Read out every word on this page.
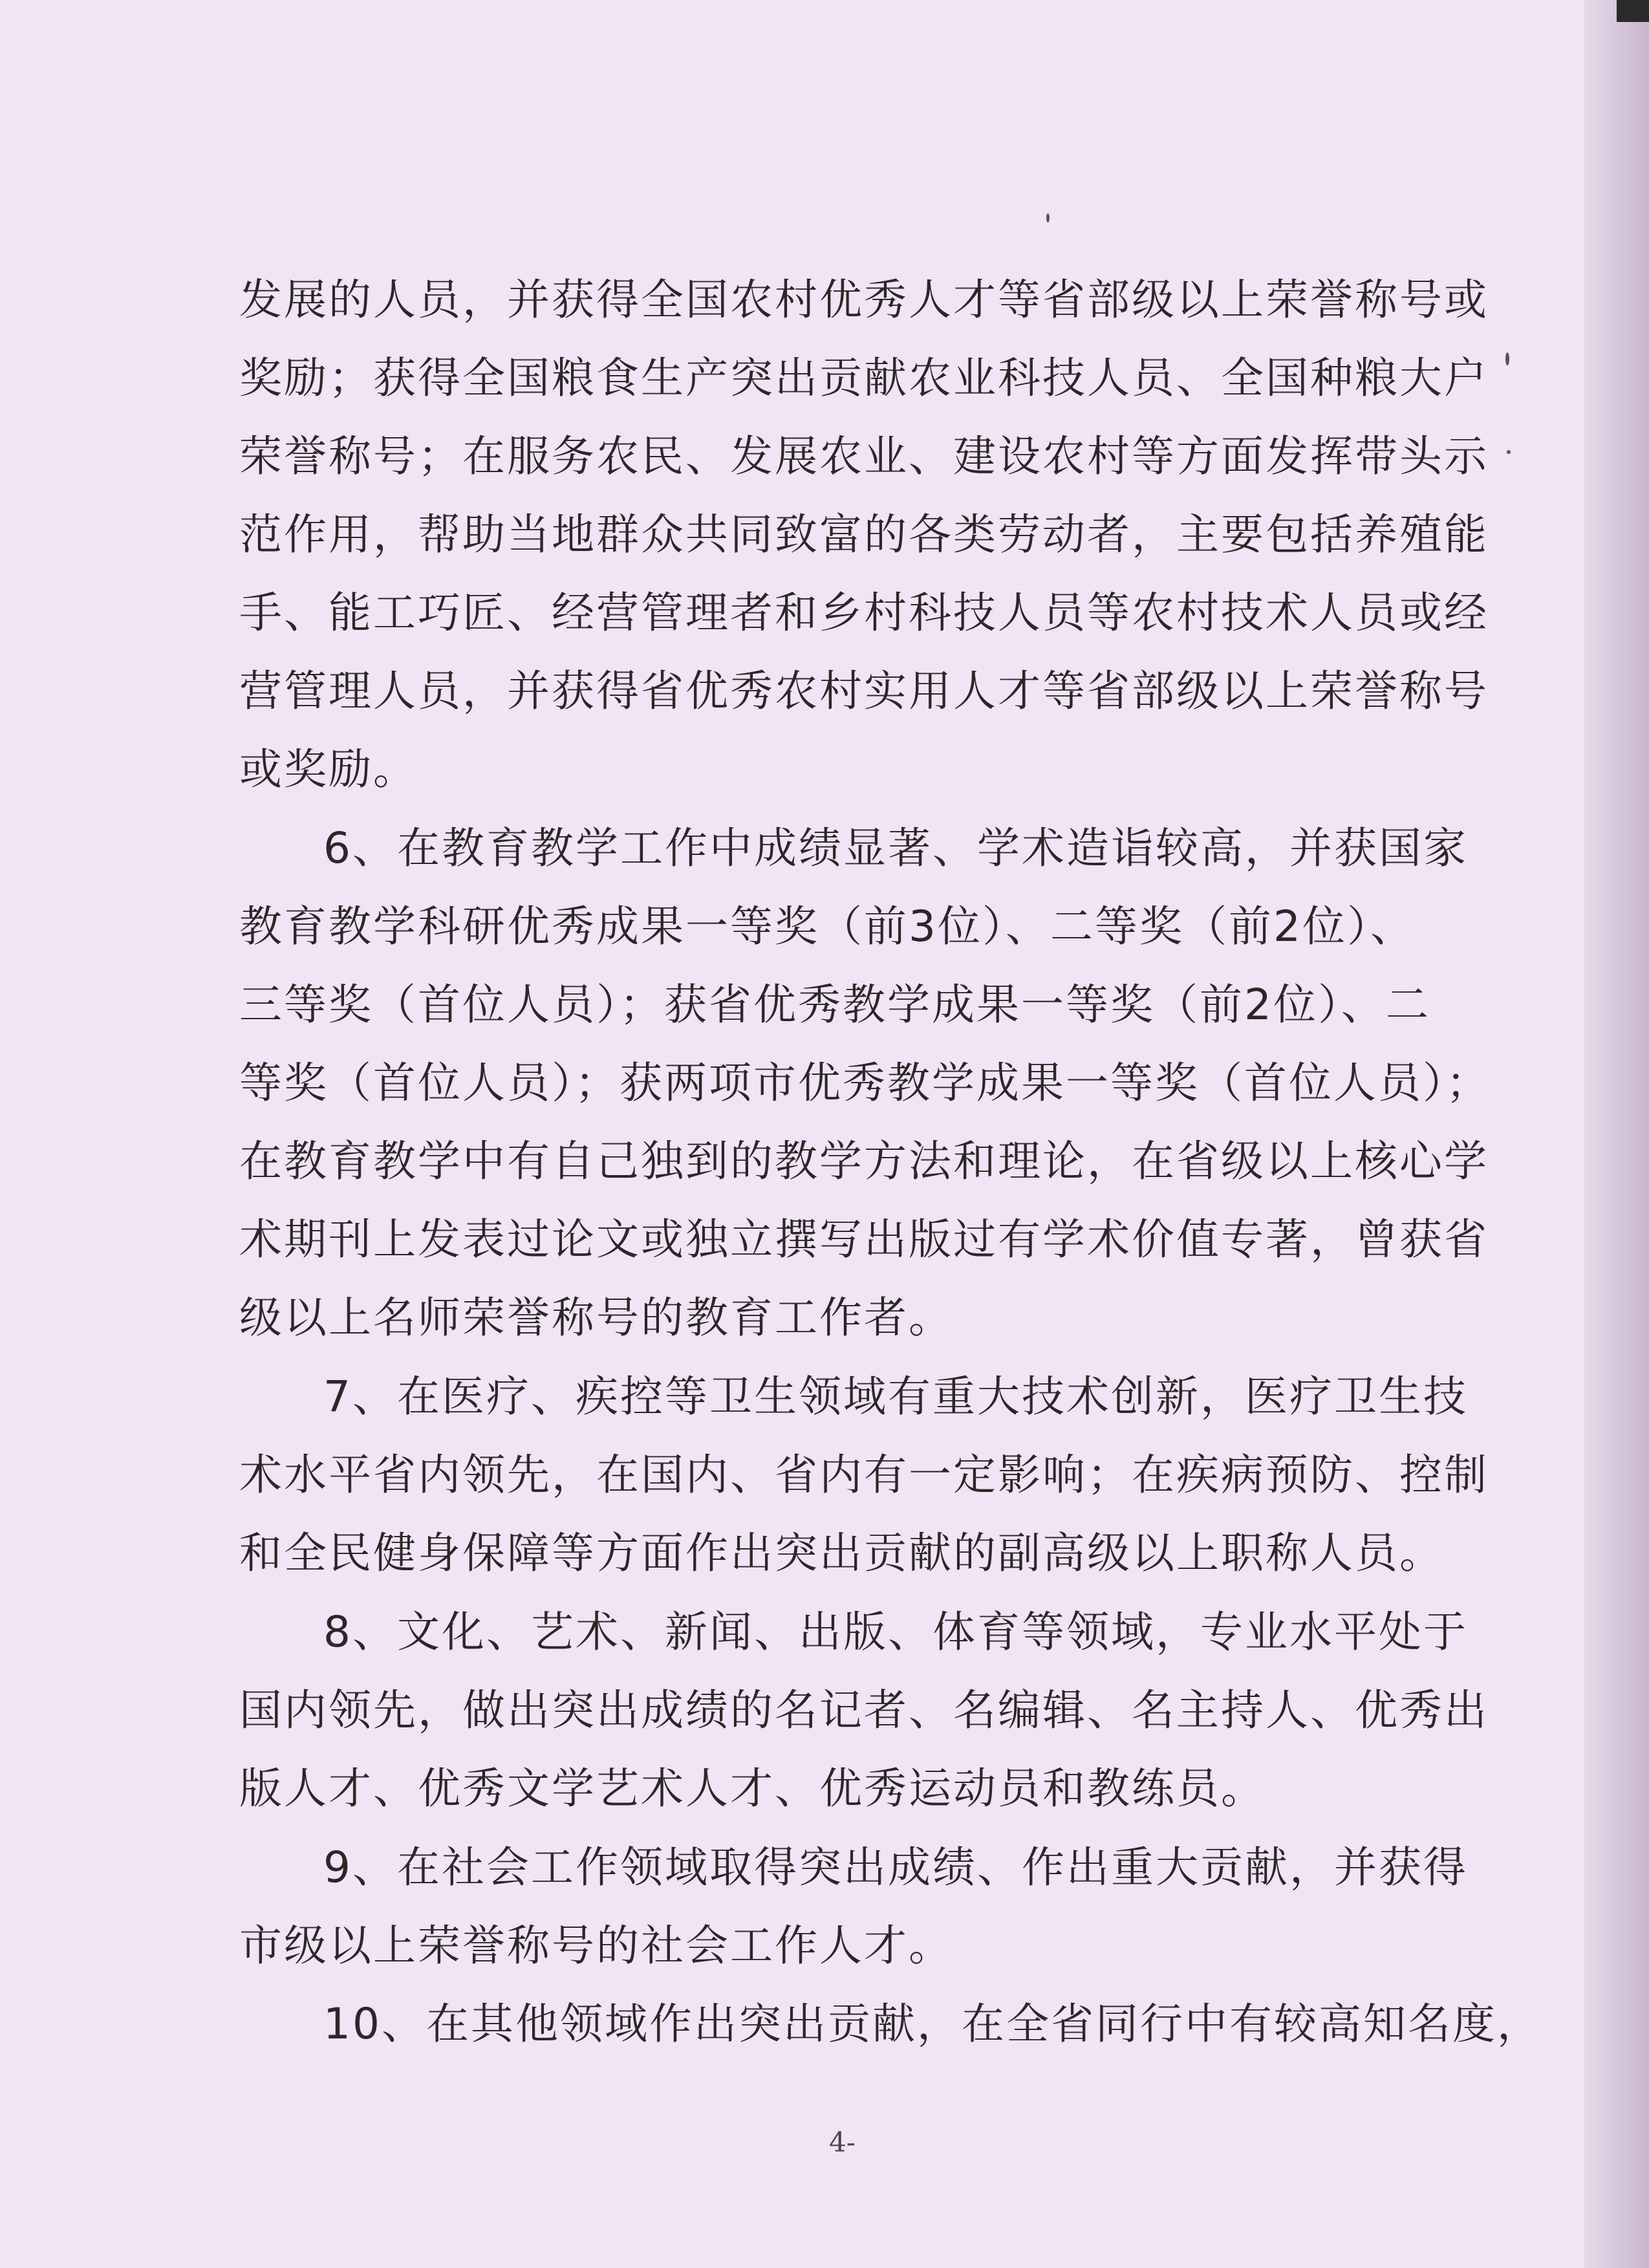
发展的人员，并获得全国农村优秀人才等省部级以上荣誉称号或
奖励；获得全国粮食生产突出贡献农业科技人员、全国种粮大户
荣誉称号；在服务农民、发展农业、建设农村等方面发挥带头示
范作用，帮助当地群众共同致富的各类劳动者，主要包括养殖能
手、能工巧匠、经营管理者和乡村科技人员等农村技术人员或经
营管理人员，并获得省优秀农村实用人才等省部级以上荣誉称号
或奖励。
6、在教育教学工作中成绩显著、学术造诣较高，并获国家
教育教学科研优秀成果一等奖（前3位）、二等奖（前2位）、
三等奖（首位人员）；获省优秀教学成果一等奖（前2位）、二
等奖（首位人员）；获两项市优秀教学成果一等奖（首位人员）；
在教育教学中有自己独到的教学方法和理论，在省级以上核心学
术期刊上发表过论文或独立撰写出版过有学术价值专著，曾获省
级以上名师荣誉称号的教育工作者。
7、在医疗、疾控等卫生领域有重大技术创新，医疗卫生技
术水平省内领先，在国内、省内有一定影响；在疾病预防、控制
和全民健身保障等方面作出突出贡献的副高级以上职称人员。
8、文化、艺术、新闻、出版、体育等领域，专业水平处于
国内领先，做出突出成绩的名记者、名编辑、名主持人、优秀出
版人才、优秀文学艺术人才、优秀运动员和教练员。
9、在社会工作领域取得突出成绩、作出重大贡献，并获得
市级以上荣誉称号的社会工作人才。
10、在其他领域作出突出贡献，在全省同行中有较高知名度，
4-
